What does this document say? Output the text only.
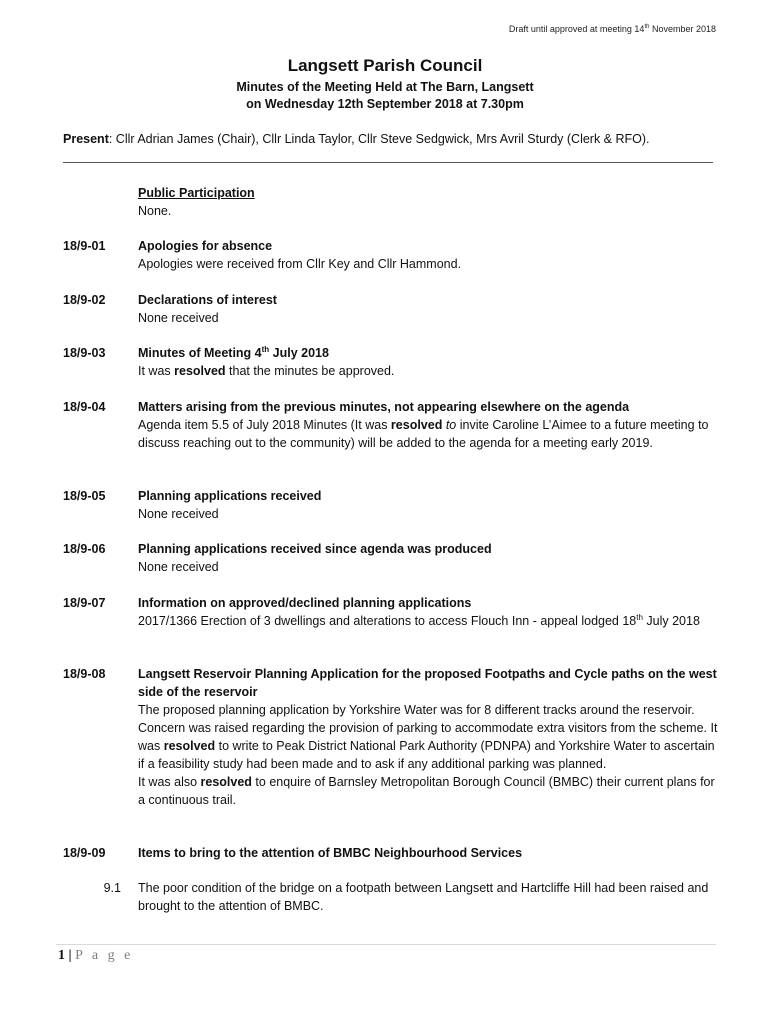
Draft until approved at meeting 14th November 2018
Langsett Parish Council
Minutes of the Meeting Held at The Barn, Langsett
on Wednesday 12th September 2018 at 7.30pm
Present: Cllr Adrian James (Chair), Cllr Linda Taylor, Cllr Steve Sedgwick, Mrs Avril Sturdy (Clerk & RFO).
Public Participation
None.
18/9-01	Apologies for absence
Apologies were received from Cllr Key and Cllr Hammond.
18/9-02	Declarations of interest
None received
18/9-03	Minutes of Meeting 4th July 2018
It was resolved that the minutes be approved.
18/9-04	Matters arising from the previous minutes, not appearing elsewhere on the agenda
Agenda item 5.5 of July 2018 Minutes (It was resolved to invite Caroline L’Aimee to a future meeting to discuss reaching out to the community) will be added to the agenda for a meeting early 2019.
18/9-05	Planning applications received
None received
18/9-06	Planning applications received since agenda was produced
None received
18/9-07	Information on approved/declined planning applications
2017/1366 Erection of 3 dwellings and alterations to access Flouch Inn - appeal lodged 18th July 2018
18/9-08	Langsett Reservoir Planning Application for the proposed Footpaths and Cycle paths on the west side of the reservoir
The proposed planning application by Yorkshire Water was for 8 different tracks around the reservoir. Concern was raised regarding the provision of parking to accommodate extra visitors from the scheme. It was resolved to write to Peak District National Park Authority (PDNPA) and Yorkshire Water to ascertain if a feasibility study had been made and to ask if any additional parking was planned.
It was also resolved to enquire of Barnsley Metropolitan Borough Council (BMBC) their current plans for a continuous trail.
18/9-09	Items to bring to the attention of BMBC Neighbourhood Services
9.1 The poor condition of the bridge on a footpath between Langsett and Hartcliffe Hill had been raised and brought to the attention of BMBC.
1 | P a g e
